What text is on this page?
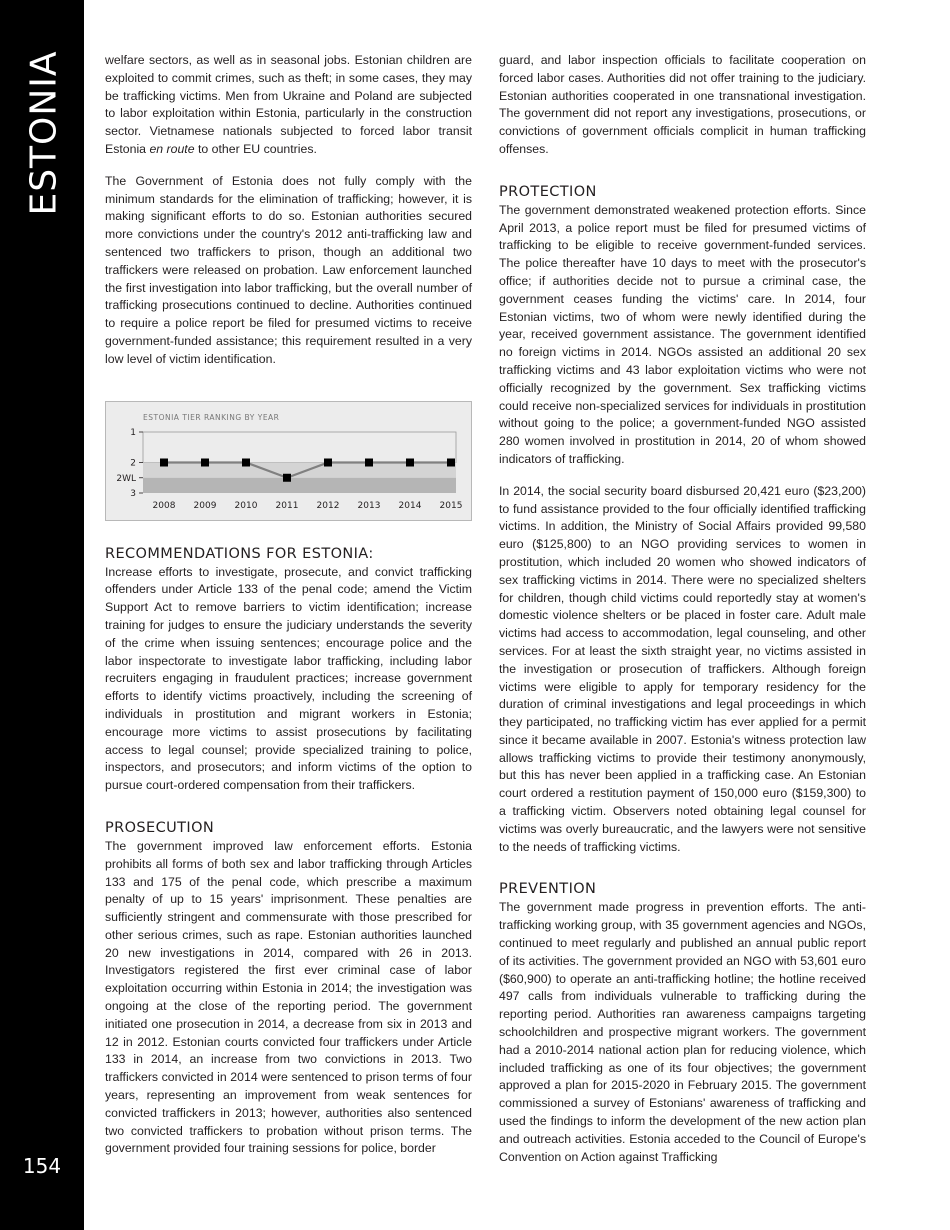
ESTONIA
154

welfare sectors, as well as in seasonal jobs. Estonian children are exploited to commit crimes, such as theft; in some cases, they may be trafficking victims. Men from Ukraine and Poland are subjected to labor exploitation within Estonia, particularly in the construction sector. Vietnamese nationals subjected to forced labor transit Estonia en route to other EU countries.

The Government of Estonia does not fully comply with the minimum standards for the elimination of trafficking; however, it is making significant efforts to do so. Estonian authorities secured more convictions under the country's 2012 anti-trafficking law and sentenced two traffickers to prison, though an additional two traffickers were released on probation. Law enforcement launched the first investigation into labor trafficking, but the overall number of trafficking prosecutions continued to decline. Authorities continued to require a police report be filed for presumed victims to receive government-funded assistance; this requirement resulted in a very low level of victim identification.

ESTONIA TIER RANKING BY YEAR
1
2
2WL
3
2008 2009 2010 2011 2012 2013 2014 2015
RECOMMENDATIONS FOR ESTONIA:

Increase efforts to investigate, prosecute, and convict trafficking offenders under Article 133 of the penal code; amend the Victim Support Act to remove barriers to victim identification; increase training for judges to ensure the judiciary understands the severity of the crime when issuing sentences; encourage police and the labor inspectorate to investigate labor trafficking, including labor recruiters engaging in fraudulent practices; increase government efforts to identify victims proactively, including the screening of individuals in prostitution and migrant workers in Estonia; encourage more victims to assist prosecutions by facilitating access to legal counsel; provide specialized training to police, inspectors, and prosecutors; and inform victims of the option to pursue court-ordered compensation from their traffickers.

PROSECUTION

The government improved law enforcement efforts. Estonia prohibits all forms of both sex and labor trafficking through Articles 133 and 175 of the penal code, which prescribe a maximum penalty of up to 15 years' imprisonment. These penalties are sufficiently stringent and commensurate with those prescribed for other serious crimes, such as rape. Estonian authorities launched 20 new investigations in 2014, compared with 26 in 2013. Investigators registered the first ever criminal case of labor exploitation occurring within Estonia in 2014; the investigation was ongoing at the close of the reporting period. The government initiated one prosecution in 2014, a decrease from six in 2013 and 12 in 2012. Estonian courts convicted four traffickers under Article 133 in 2014, an increase from two convictions in 2013. Two traffickers convicted in 2014 were sentenced to prison terms of four years, representing an improvement from weak sentences for convicted traffickers in 2013; however, authorities also sentenced two convicted traffickers to probation without prison terms. The government provided four training sessions for police, border

guard, and labor inspection officials to facilitate cooperation on forced labor cases. Authorities did not offer training to the judiciary. Estonian authorities cooperated in one transnational investigation. The government did not report any investigations, prosecutions, or convictions of government officials complicit in human trafficking offenses.

PROTECTION

The government demonstrated weakened protection efforts. Since April 2013, a police report must be filed for presumed victims of trafficking to be eligible to receive government-funded services. The police thereafter have 10 days to meet with the prosecutor's office; if authorities decide not to pursue a criminal case, the government ceases funding the victims' care. In 2014, four Estonian victims, two of whom were newly identified during the year, received government assistance. The government identified no foreign victims in 2014. NGOs assisted an additional 20 sex trafficking victims and 43 labor exploitation victims who were not officially recognized by the government. Sex trafficking victims could receive non-specialized services for individuals in prostitution without going to the police; a government-funded NGO assisted 280 women involved in prostitution in 2014, 20 of whom showed indicators of trafficking.

In 2014, the social security board disbursed 20,421 euro ($23,200) to fund assistance provided to the four officially identified trafficking victims. In addition, the Ministry of Social Affairs provided 99,580 euro ($125,800) to an NGO providing services to women in prostitution, which included 20 women who showed indicators of sex trafficking victims in 2014. There were no specialized shelters for children, though child victims could reportedly stay at women's domestic violence shelters or be placed in foster care. Adult male victims had access to accommodation, legal counseling, and other services. For at least the sixth straight year, no victims assisted in the investigation or prosecution of traffickers. Although foreign victims were eligible to apply for temporary residency for the duration of criminal investigations and legal proceedings in which they participated, no trafficking victim has ever applied for a permit since it became available in 2007. Estonia's witness protection law allows trafficking victims to provide their testimony anonymously, but this has never been applied in a trafficking case. An Estonian court ordered a restitution payment of 150,000 euro ($159,300) to a trafficking victim. Observers noted obtaining legal counsel for victims was overly bureaucratic, and the lawyers were not sensitive to the needs of trafficking victims.

PREVENTION

The government made progress in prevention efforts. The anti-trafficking working group, with 35 government agencies and NGOs, continued to meet regularly and published an annual public report of its activities. The government provided an NGO with 53,601 euro ($60,900) to operate an anti-trafficking hotline; the hotline received 497 calls from individuals vulnerable to trafficking during the reporting period. Authorities ran awareness campaigns targeting schoolchildren and prospective migrant workers. The government had a 2010-2014 national action plan for reducing violence, which included trafficking as one of its four objectives; the government approved a plan for 2015-2020 in February 2015. The government commissioned a survey of Estonians' awareness of trafficking and used the findings to inform the development of the new action plan and outreach activities. Estonia acceded to the Council of Europe's Convention on Action against Trafficking
